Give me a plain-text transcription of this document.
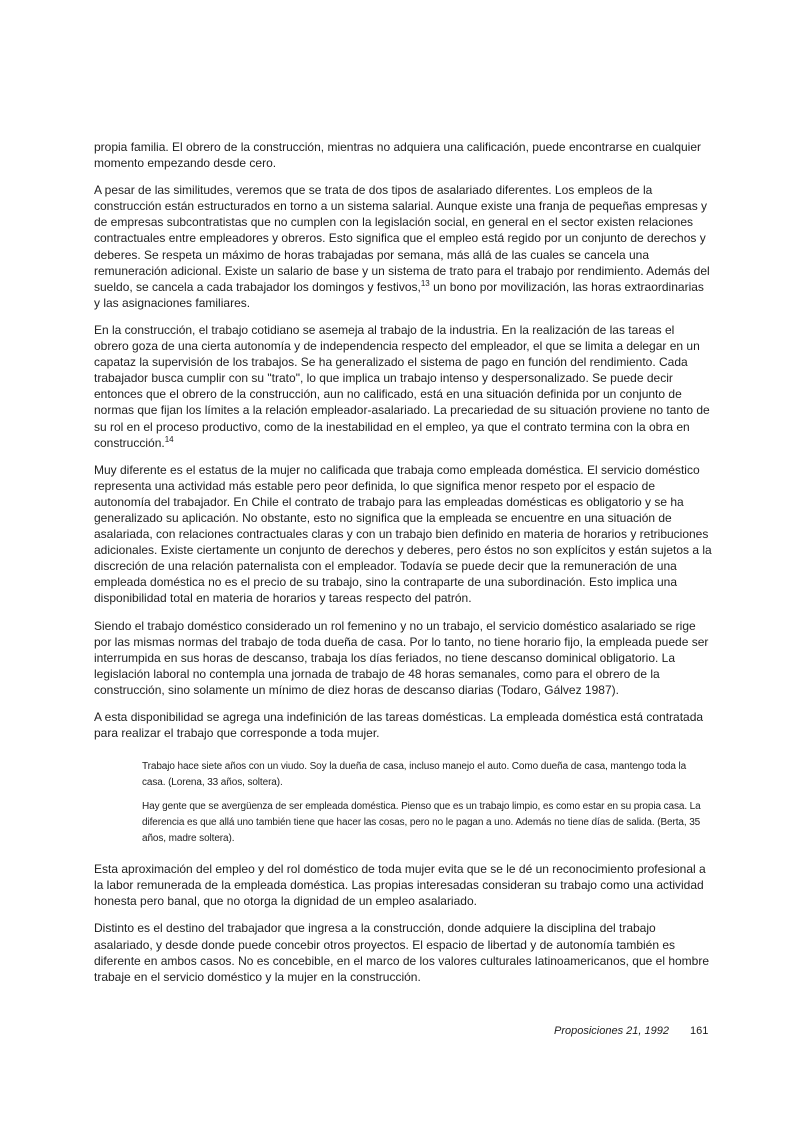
propia familia. El obrero de la construcción, mientras no adquiera una calificación, puede encontrarse en cualquier momento empezando desde cero.

A pesar de las similitudes, veremos que se trata de dos tipos de asalariado diferentes. Los empleos de la construcción están estructurados en torno a un sistema salarial. Aunque existe una franja de pequeñas empresas y de empresas subcontratistas que no cumplen con la legislación social, en general en el sector existen relaciones contractuales entre empleadores y obreros. Esto significa que el empleo está regido por un conjunto de derechos y deberes. Se respeta un máximo de horas trabajadas por semana, más allá de las cuales se cancela una remuneración adicional. Existe un salario de base y un sistema de trato para el trabajo por rendimiento. Además del sueldo, se cancela a cada trabajador los domingos y festivos,$^{13}$ un bono por movilización, las horas extraordinarias y las asignaciones familiares.

En la construcción, el trabajo cotidiano se asemeja al trabajo de la industria. En la realización de las tareas el obrero goza de una cierta autonomía y de independencia respecto del empleador, el que se limita a delegar en un capataz la supervisión de los trabajos. Se ha generalizado el sistema de pago en función del rendimiento. Cada trabajador busca cumplir con su "trato", lo que implica un trabajo intenso y despersonalizado. Se puede decir entonces que el obrero de la construcción, aun no calificado, está en una situación definida por un conjunto de normas que fijan los límites a la relación empleador-asalariado. La precariedad de su situación proviene no tanto de su rol en el proceso productivo, como de la inestabilidad en el empleo, ya que el contrato termina con la obra en construcción.$^{14}$

Muy diferente es el estatus de la mujer no calificada que trabaja como empleada doméstica. El servicio doméstico representa una actividad más estable pero peor definida, lo que significa menor respeto por el espacio de autonomía del trabajador. En Chile el contrato de trabajo para las empleadas domésticas es obligatorio y se ha generalizado su aplicación. No obstante, esto no significa que la empleada se encuentre en una situación de asalariada, con relaciones contractuales claras y con un trabajo bien definido en materia de horarios y retribuciones adicionales. Existe ciertamente un conjunto de derechos y deberes, pero éstos no son explícitos y están sujetos a la discreción de una relación paternalista con el empleador. Todavía se puede decir que la remuneración de una empleada doméstica no es el precio de su trabajo, sino la contraparte de una subordinación. Esto implica una disponibilidad total en materia de horarios y tareas respecto del patrón.

Siendo el trabajo doméstico considerado un rol femenino y no un trabajo, el servicio doméstico asalariado se rige por las mismas normas del trabajo de toda dueña de casa. Por lo tanto, no tiene horario fijo, la empleada puede ser interrumpida en sus horas de descanso, trabaja los días feriados, no tiene descanso dominical obligatorio. La legislación laboral no contempla una jornada de trabajo de 48 horas semanales, como para el obrero de la construcción, sino solamente un mínimo de diez horas de descanso diarias (Todaro, Gálvez 1987).

A esta disponibilidad se agrega una indefinición de las tareas domésticas. La empleada doméstica está contratada para realizar el trabajo que corresponde a toda mujer.

Trabajo hace siete años con un viudo. Soy la dueña de casa, incluso manejo el auto. Como dueña de casa, mantengo toda la casa. (Lorena, 33 años, soltera).

Hay gente que se avergüenza de ser empleada doméstica. Pienso que es un trabajo limpio, es como estar en su propia casa. La diferencia es que allá uno también tiene que hacer las cosas, pero no le pagan a uno. Además no tiene días de salida. (Berta, 35 años, madre soltera).

Esta aproximación del empleo y del rol doméstico de toda mujer evita que se le dé un reconocimiento profesional a la labor remunerada de la empleada doméstica. Las propias interesadas consideran su trabajo como una actividad honesta pero banal, que no otorga la dignidad de un empleo asalariado.

Distinto es el destino del trabajador que ingresa a la construcción, donde adquiere la disciplina del trabajo asalariado, y desde donde puede concebir otros proyectos. El espacio de libertad y de autonomía también es diferente en ambos casos. No es concebible, en el marco de los valores culturales latinoamericanos, que el hombre trabaje en el servicio doméstico y la mujer en la construcción.

Proposiciones 21, 1992 161
